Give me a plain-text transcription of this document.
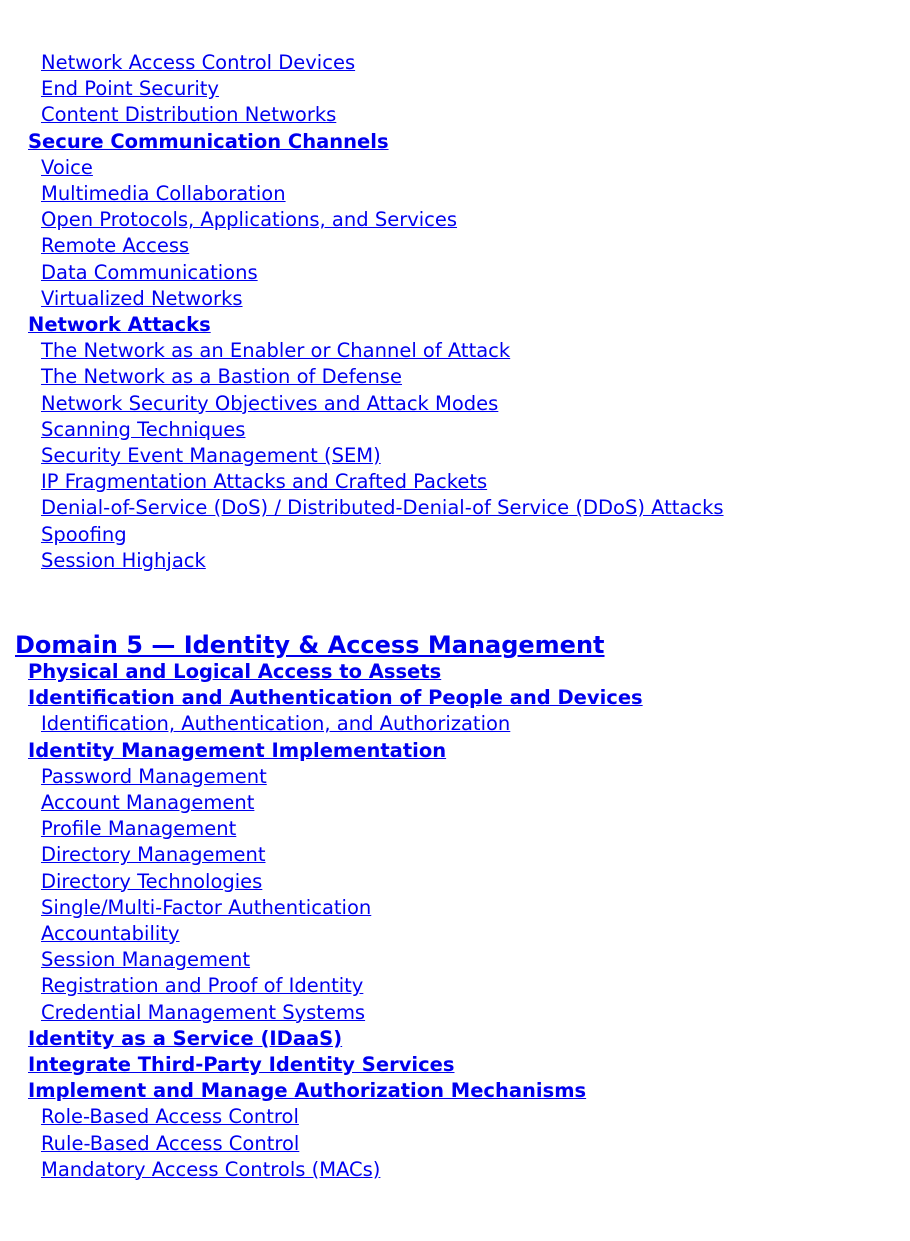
Network Access Control Devices
End Point Security
Content Distribution Networks
Secure Communication Channels
Voice
Multimedia Collaboration
Open Protocols, Applications, and Services
Remote Access
Data Communications
Virtualized Networks
Network Attacks
The Network as an Enabler or Channel of Attack
The Network as a Bastion of Defense
Network Security Objectives and Attack Modes
Scanning Techniques
Security Event Management (SEM)
IP Fragmentation Attacks and Crafted Packets
Denial-of-Service (DoS) / Distributed-Denial-of Service (DDoS) Attacks
Spoofing
Session Highjack
Domain 5 — Identity & Access Management
Physical and Logical Access to Assets
Identification and Authentication of People and Devices
Identification, Authentication, and Authorization
Identity Management Implementation
Password Management
Account Management
Profile Management
Directory Management
Directory Technologies
Single/Multi-Factor Authentication
Accountability
Session Management
Registration and Proof of Identity
Credential Management Systems
Identity as a Service (IDaaS)
Integrate Third-Party Identity Services
Implement and Manage Authorization Mechanisms
Role-Based Access Control
Rule-Based Access Control
Mandatory Access Controls (MACs)
